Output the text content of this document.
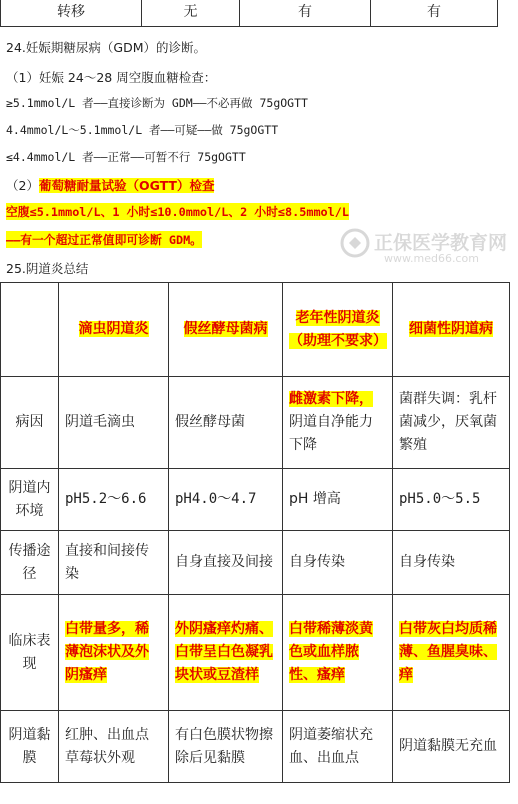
转移	无	有	有
24.妊娠期糖尿病（GDM）的诊断。
（1）妊娠 24～28 周空腹血糖检查：
≥5.1mmol/L 者——直接诊断为 GDM——不必再做 75gOGTT
4.4mmol/L～5.1mmol/L 者——可疑——做 75gOGTT
≤4.4mmol/L 者——正常——可暂不行 75gOGTT
（2）葡萄糖耐量试验（OGTT）检查
空腹≤5.1mmol/L、1 小时≤10.0mmol/L、2 小时≤8.5mmol/L
——有一个超过正常值即可诊断 GDM。	正保医学教育网
www.med66.com
25.阴道炎总结
	滴虫阴道炎	假丝酵母菌病	老年性阴道炎（助理不要求）	细菌性阴道病
病因	阴道毛滴虫	假丝酵母菌	雌激素下降，阴道自净能力下降	菌群失调：乳杆菌减少，厌氧菌繁殖
阴道内环境	pH5.2～6.6	pH4.0～4.7	pH 增高	pH5.0～5.5
传播途径	直接和间接传染	自身直接及间接	自身传染	自身传染
临床表现	白带量多，稀薄泡沫状及外阴瘙痒	外阴瘙痒灼痛、白带呈白色凝乳块状或豆渣样	白带稀薄淡黄色或血样脓性、瘙痒	白带灰白均质稀薄、鱼腥臭味、痒
阴道黏膜	红肿、出血点草莓状外观	有白色膜状物擦除后见黏膜	阴道萎缩状充血、出血点	阴道黏膜无充血
